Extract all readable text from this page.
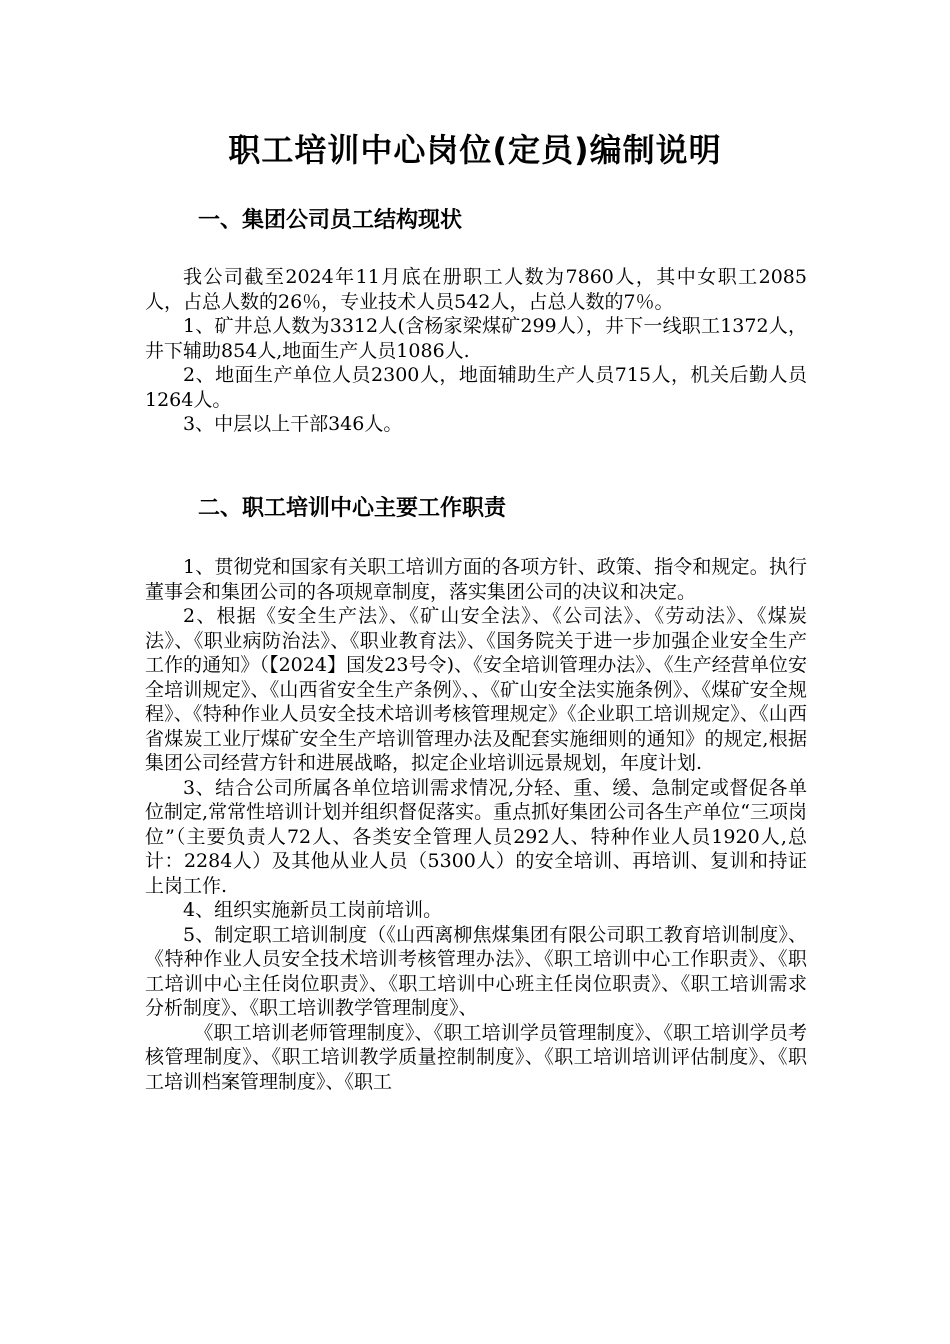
职工培训中心岗位(定员)编制说明
一、集团公司员工结构现状

我公司截至2024年11月底在册职工人数为7860人，其中女职工2085人，占总人数的26％，专业技术人员542人，占总人数的7％。

1、矿井总人数为3312人(含杨家梁煤矿299人），井下一线职工1372人，井下辅助854人,地面生产人员1086人.

2、地面生产单位人员2300人，地面辅助生产人员715人，机关后勤人员1264人。

3、中层以上干部346人。

二、职工培训中心主要工作职责

1、贯彻党和国家有关职工培训方面的各项方针、政策、指令和规定。执行董事会和集团公司的各项规章制度，落实集团公司的决议和决定。

2、根据《安全生产法》、《矿山安全法》、《公司法》、《劳动法》、《煤炭法》、《职业病防治法》、《职业教育法》、《国务院关于进一步加强企业安全生产工作的通知》（【2024】国发23号令)、《安全培训管理办法》、《生产经营单位安全培训规定》、《山西省安全生产条例》、、《矿山安全法实施条例》、《煤矿安全规程》、《特种作业人员安全技术培训考核管理规定》《企业职工培训规定》、《山西省煤炭工业厅煤矿安全生产培训管理办法及配套实施细则的通知》的规定,根据集团公司经营方针和进展战略，拟定企业培训远景规划，年度计划.

3、结合公司所属各单位培训需求情况,分轻、重、缓、急制定或督促各单位制定,常常性培训计划并组织督促落实。重点抓好集团公司各生产单位“三项岗位”（主要负责人72人、各类安全管理人员292人、特种作业人员1920人,总计：2284人）及其他从业人员（5300人）的安全培训、再培训、复训和持证上岗工作.

4、组织实施新员工岗前培训。

5、制定职工培训制度（《山西离柳焦煤集团有限公司职工教育培训制度》、《特种作业人员安全技术培训考核管理办法》、《职工培训中心工作职责》、《职工培训中心主任岗位职责》、《职工培训中心班主任岗位职责》、《职工培训需求分析制度》、《职工培训教学管理制度》、

《职工培训老师管理制度》、《职工培训学员管理制度》、《职工培训学员考核管理制度》、《职工培训教学质量控制制度》、《职工培训培训评估制度》、《职工培训档案管理制度》、《职工
